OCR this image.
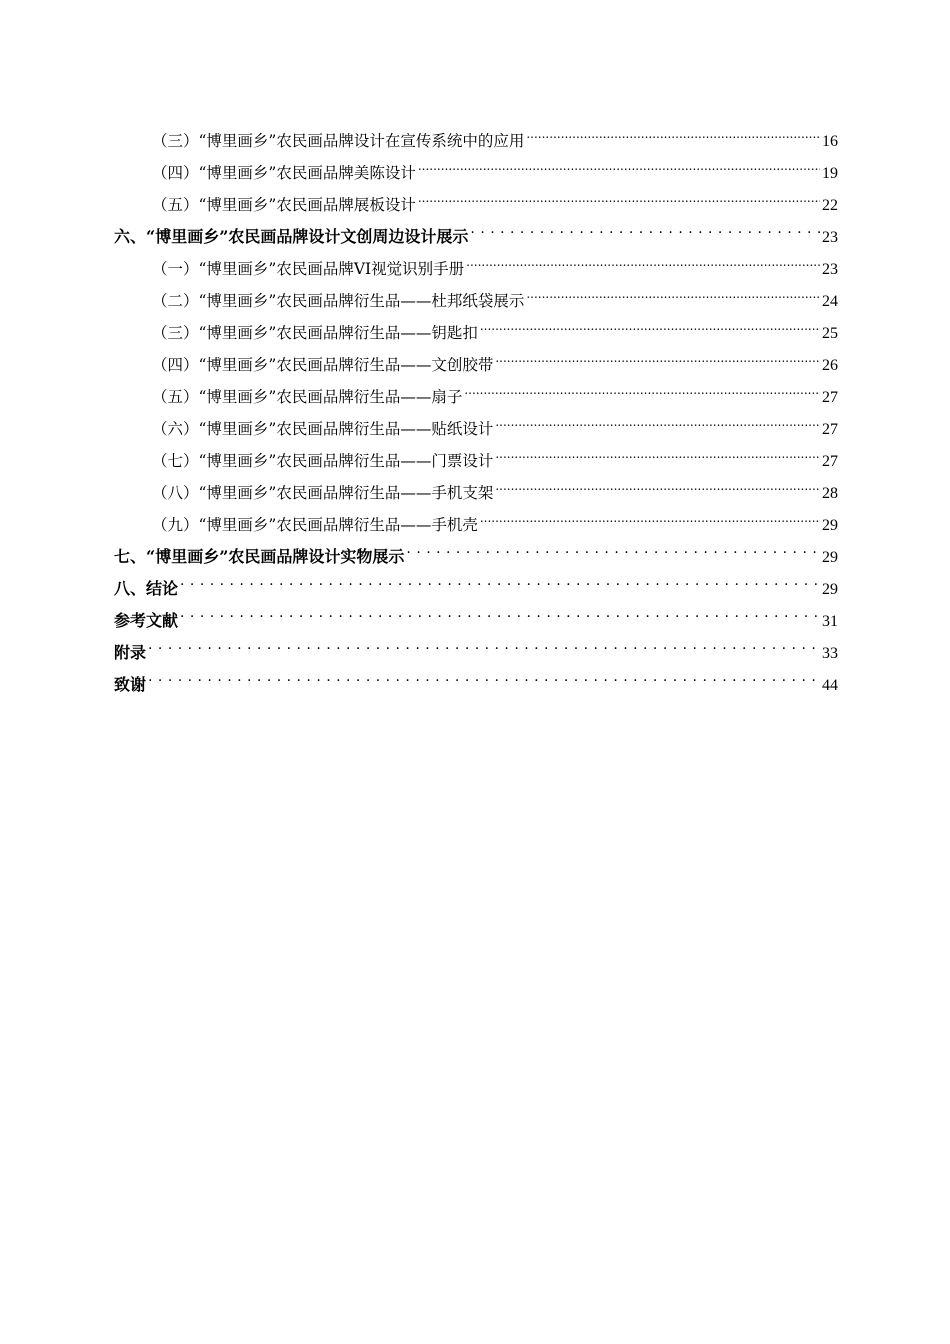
（三）“博里画乡”农民画品牌设计在宣传系统中的应用 .....	16
（四）“博里画乡”农民画品牌美陈设计 .....	19
（五）“博里画乡”农民画品牌展板设计 .....	22
六、“博里画乡”农民画品牌设计文创周边设计展示 . . .	23
（一）“博里画乡”农民画品牌VI视觉识别手册 .....	23
（二）“博里画乡”农民画品牌衍生品——杜邦纸袋展示 .....	24
（三）“博里画乡”农民画品牌衍生品——钥匙扣 .....	25
（四）“博里画乡”农民画品牌衍生品——文创胶带 .....	26
（五）“博里画乡”农民画品牌衍生品——扇子 .....	27
（六）“博里画乡”农民画品牌衍生品——贴纸设计 .....	27
（七）“博里画乡”农民画品牌衍生品——门票设计 .....	27
（八）“博里画乡”农民画品牌衍生品——手机支架 .....	28
（九）“博里画乡”农民画品牌衍生品——手机壳 .....	29
七、“博里画乡”农民画品牌设计实物展示 . . .	29
八、结论 . . .	29
参考文献 . . .	31
附录 . . .	33
致谢 . . .	44
